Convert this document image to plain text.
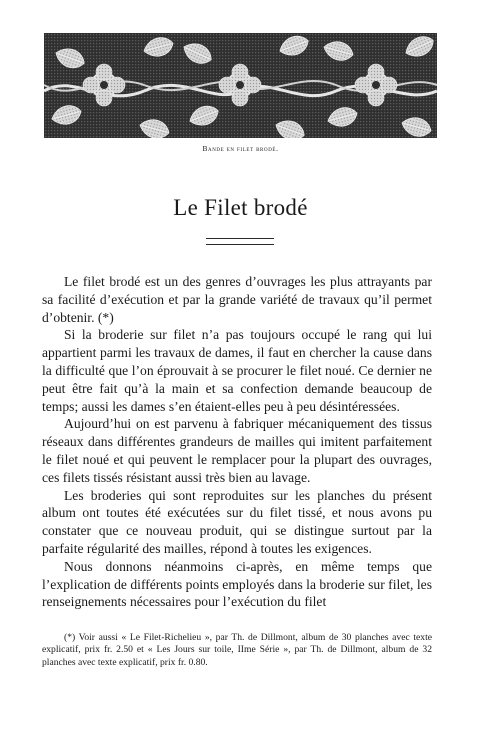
Bande en filet brodé.
Le Filet brodé

Le filet brodé est un des genres d’ouvrages les plus attrayants par sa facilité d’exécution et par la grande variété de travaux qu’il permet d’obtenir. (*)

Si la broderie sur filet n’a pas toujours occupé le rang qui lui appartient parmi les travaux de dames, il faut en chercher la cause dans la difficulté que l’on éprouvait à se procurer le filet noué. Ce dernier ne peut être fait qu’à la main et sa confection demande beaucoup de temps; aussi les dames s’en étaient-elles peu à peu désintéressées.

Aujourd’hui on est parvenu à fabriquer mécaniquement des tissus réseaux dans différentes grandeurs de mailles qui imitent parfaitement le filet noué et qui peuvent le remplacer pour la plupart des ouvrages, ces filets tissés résistant aussi très bien au lavage.

Les broderies qui sont reproduites sur les planches du présent album ont toutes été exécutées sur du filet tissé, et nous avons pu constater que ce nouveau produit, qui se distingue surtout par la parfaite régularité des mailles, répond à toutes les exigences.

Nous donnons néanmoins ci-après, en même temps que l’explication de différents points employés dans la broderie sur filet, les renseignements nécessaires pour l’exécution du filet

(*) Voir aussi « Le Filet-Richelieu », par Th. de Dillmont, album de 30 planches avec texte explicatif, prix fr. 2.50 et « Les Jours sur toile, IIme Série », par Th. de Dillmont, album de 32 planches avec texte explicatif, prix fr. 0.80.
